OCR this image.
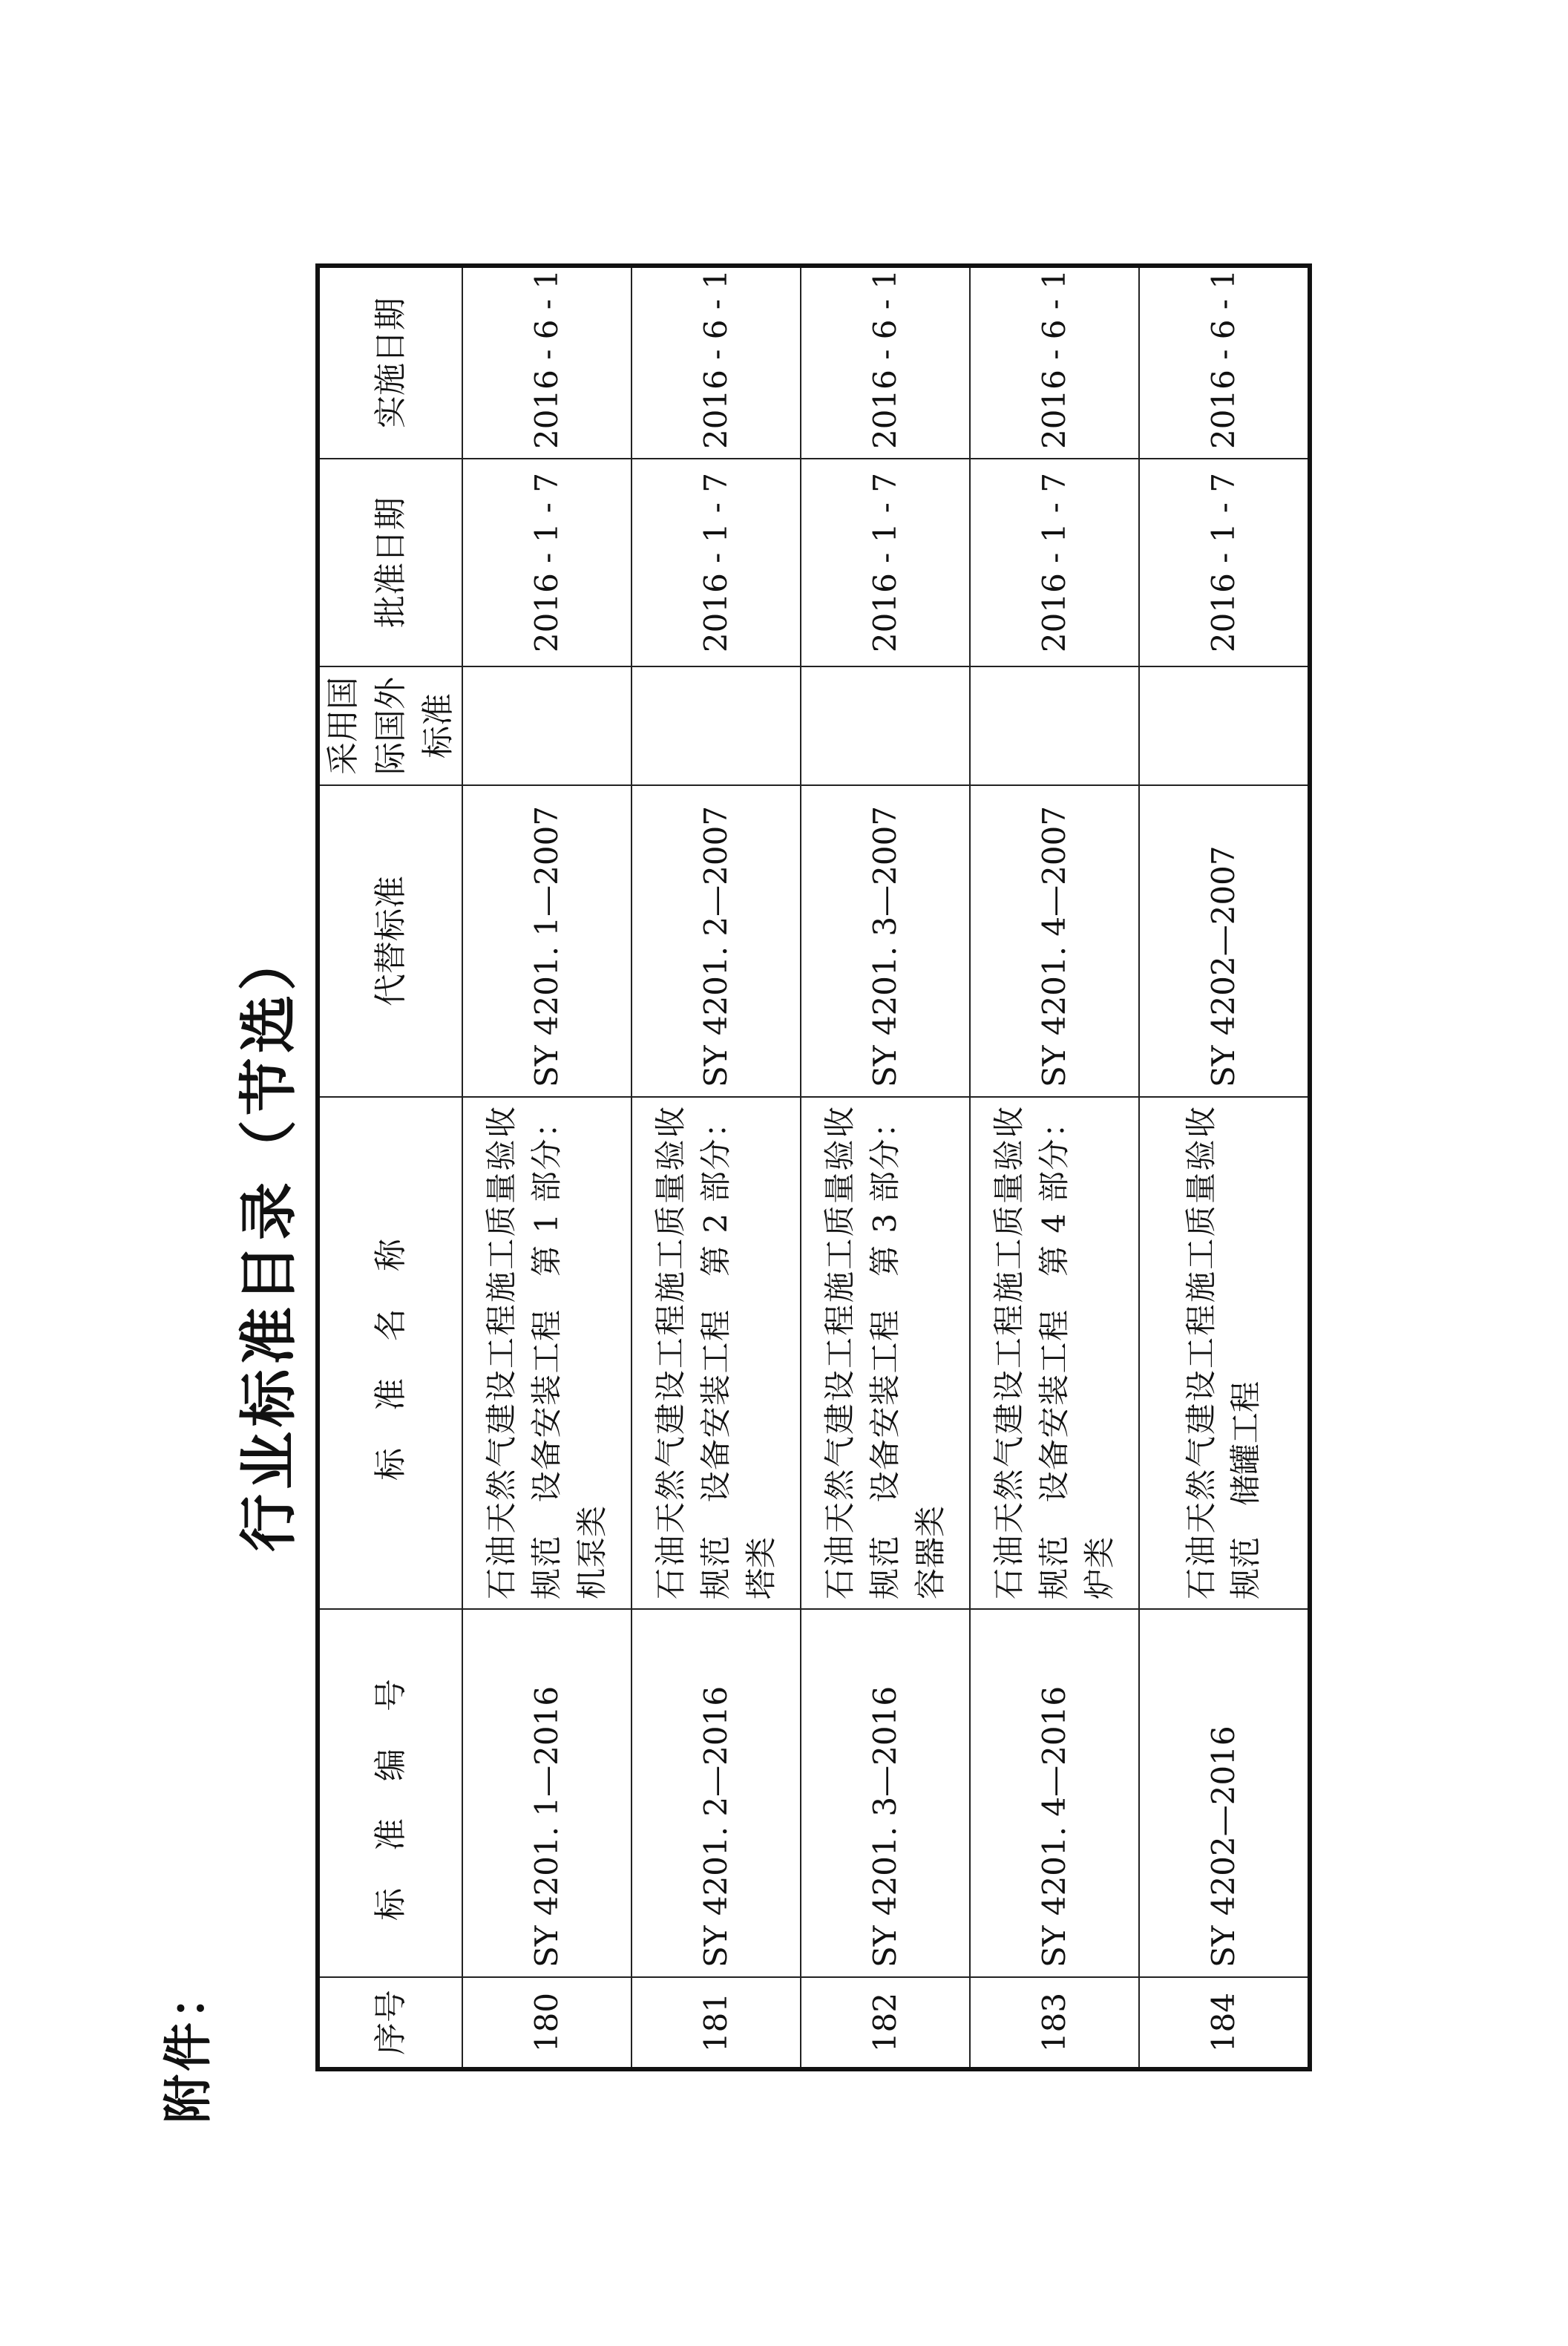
附件：
行业标准目录（节选）
序号	标 准 编 号	标 准 名 称	代替标准	采用国际国外标准	批准日期	实施日期
180	SY 4201. 1—2016	石油天然气建设工程施工质量验收规范　设备安装工程　第 1 部分：机泵类	SY 4201. 1—2007		2016 - 1 - 7	2016 - 6 - 1
181	SY 4201. 2—2016	石油天然气建设工程施工质量验收规范　设备安装工程　第 2 部分：塔类	SY 4201. 2—2007		2016 - 1 - 7	2016 - 6 - 1
182	SY 4201. 3—2016	石油天然气建设工程施工质量验收规范　设备安装工程　第 3 部分：容器类	SY 4201. 3—2007		2016 - 1 - 7	2016 - 6 - 1
183	SY 4201. 4—2016	石油天然气建设工程施工质量验收规范　设备安装工程　第 4 部分：炉类	SY 4201. 4—2007		2016 - 1 - 7	2016 - 6 - 1
184	SY 4202—2016	石油天然气建设工程施工质量验收规范　储罐工程	SY 4202—2007		2016 - 1 - 7	2016 - 6 - 1
